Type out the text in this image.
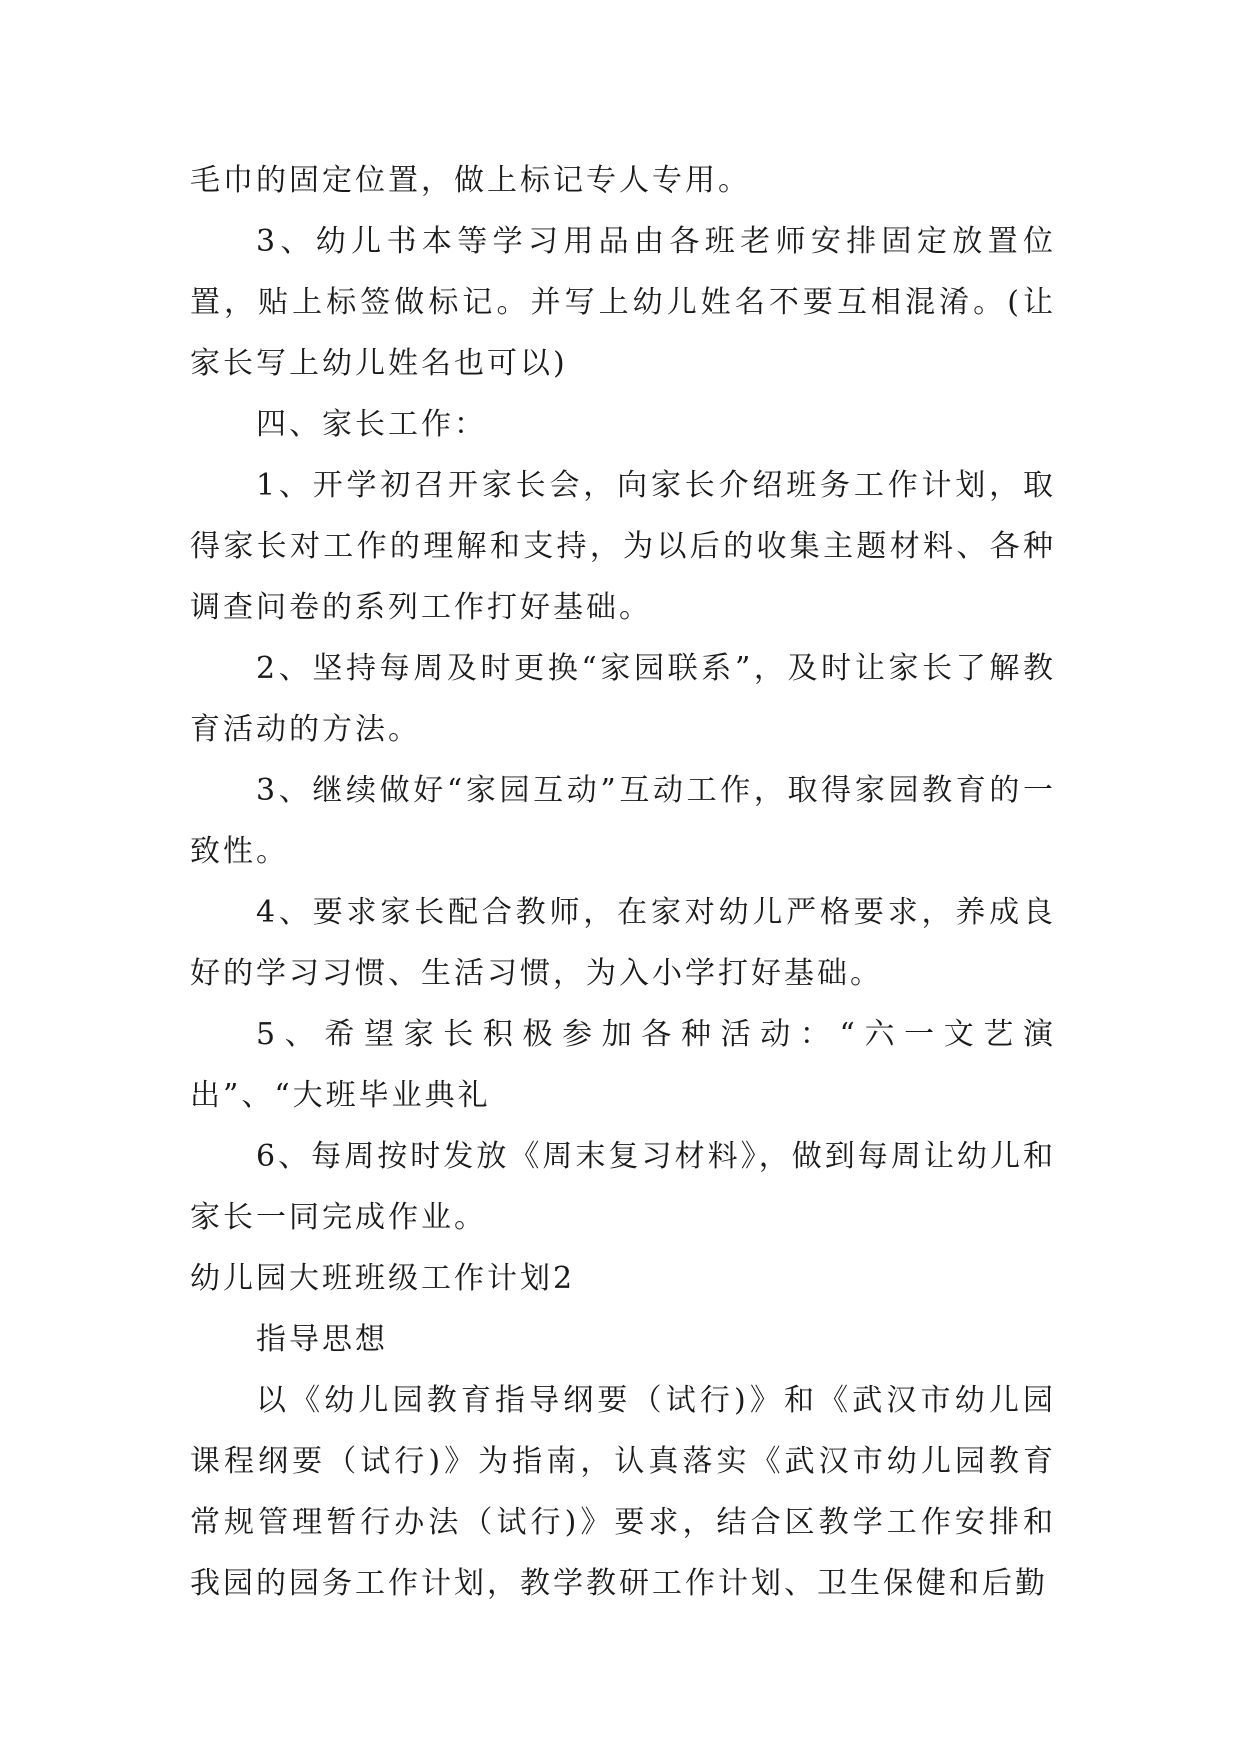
毛巾的固定位置，做上标记专人专用。

3、幼儿书本等学习用品由各班老师安排固定放置位置，贴上标签做标记。并写上幼儿姓名不要互相混淆。(让家长写上幼儿姓名也可以)

四、家长工作：

1、开学初召开家长会，向家长介绍班务工作计划，取得家长对工作的理解和支持，为以后的收集主题材料、各种调查问卷的系列工作打好基础。

2、坚持每周及时更换“家园联系”，及时让家长了解教育活动的方法。

3、继续做好“家园互动”互动工作，取得家园教育的一致性。

4、要求家长配合教师，在家对幼儿严格要求，养成良好的学习习惯、生活习惯，为入小学打好基础。

5、希望家长积极参加各种活动：“六一文艺演出”、“大班毕业典礼

6、每周按时发放《周末复习材料》，做到每周让幼儿和家长一同完成作业。

幼儿园大班班级工作计划2

指导思想

以《幼儿园教育指导纲要（试行)》和《武汉市幼儿园课程纲要（试行)》为指南，认真落实《武汉市幼儿园教育常规管理暂行办法（试行)》要求，结合区教学工作安排和我园的园务工作计划，教学教研工作计划、卫生保健和后勤
